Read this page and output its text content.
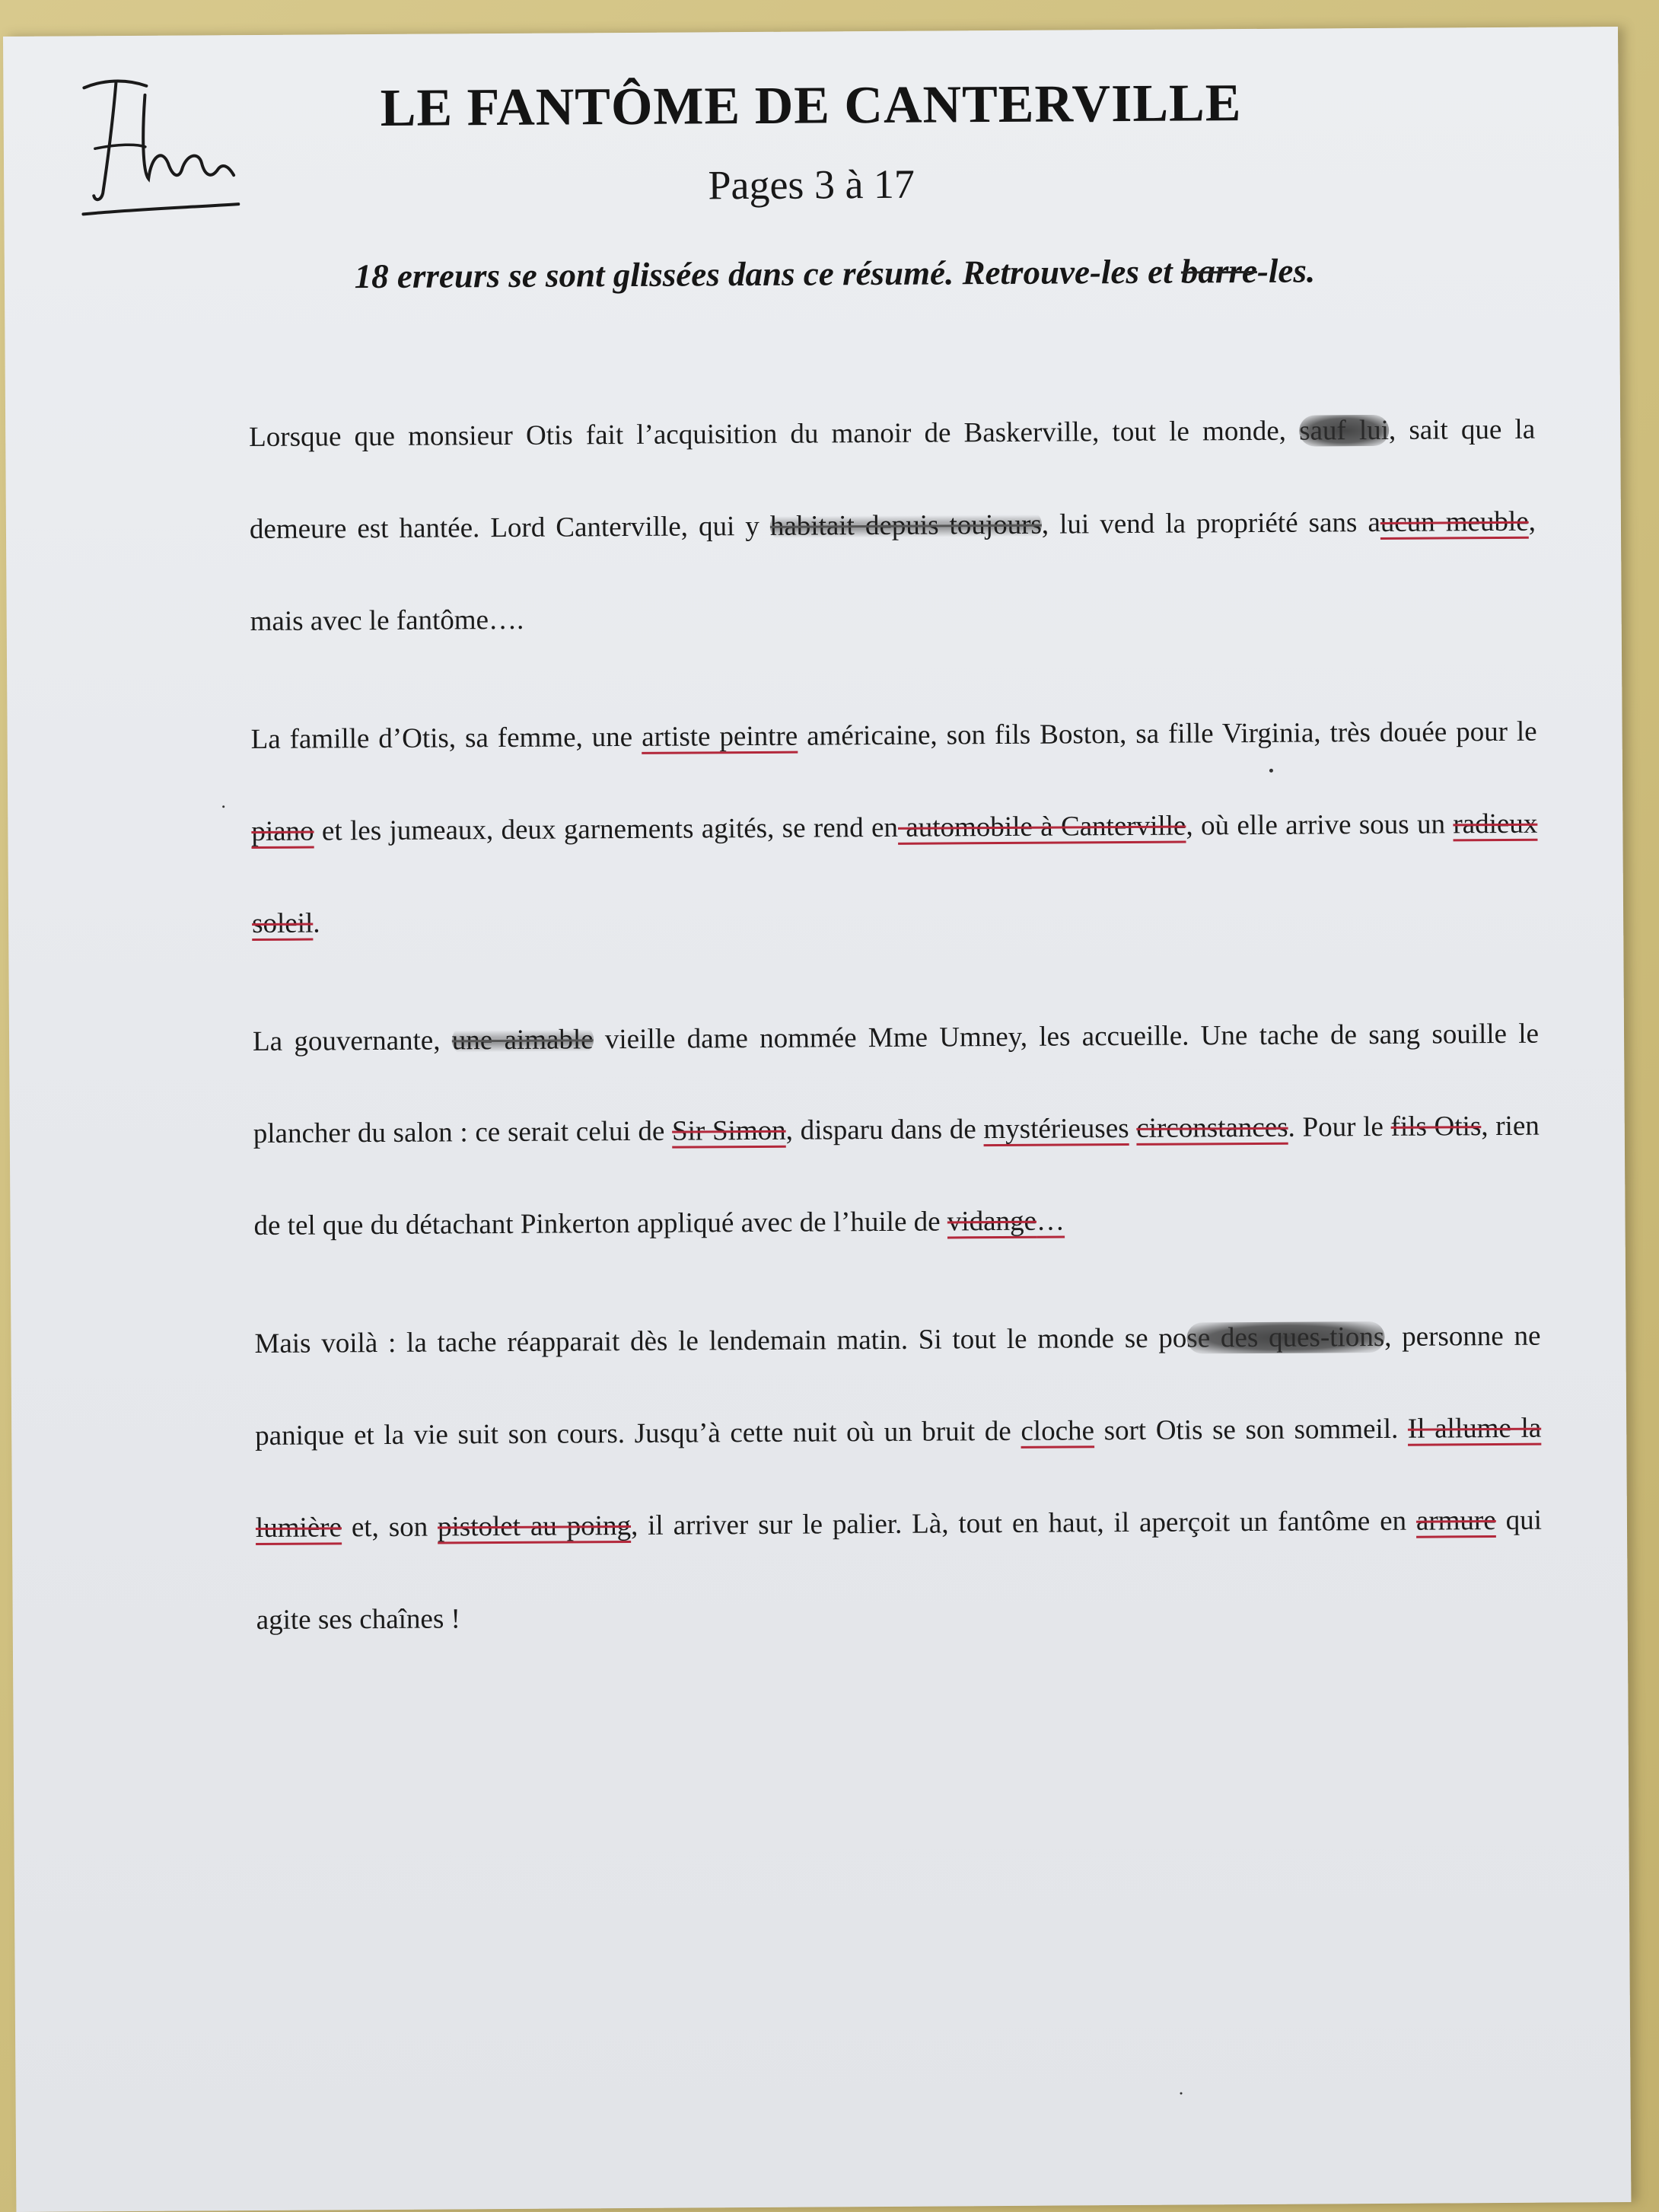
LE FANTÔME DE CANTERVILLE
Pages 3 à 17
18 erreurs se sont glissées dans ce résumé. Retrouve-les et barre-les.

Lorsque que monsieur Otis fait l’acquisition du manoir de Baskerville, tout le monde, sauf lui, sait que la demeure est hantée. Lord Canterville, qui y habitait depuis toujours, lui vend la propriété sans aucun meuble, mais avec le fantôme….

La famille d’Otis, sa femme, une artiste peintre américaine, son fils Boston, sa fille Virginia, très douée pour le piano et les jumeaux, deux garnements agités, se rend en automobile à Canterville, où elle arrive sous un radieux soleil.

La gouvernante, une aimable vieille dame nommée Mme Umney, les accueille. Une tache de sang souille le plancher du salon : ce serait celui de Sir Simon, disparu dans de mystérieuses circonstances. Pour le fils Otis, rien de tel que du détachant Pinkerton appliqué avec de l’huile de vidange…

Mais voilà : la tache réapparait dès le lendemain matin. Si tout le monde se pose des ques-tions, personne ne panique et la vie suit son cours. Jusqu’à cette nuit où un bruit de cloche sort Otis se son sommeil. Il allume la lumière et, son pistolet au poing, il arriver sur le palier. Là, tout en haut, il aperçoit un fantôme en armure qui agite ses chaînes !
